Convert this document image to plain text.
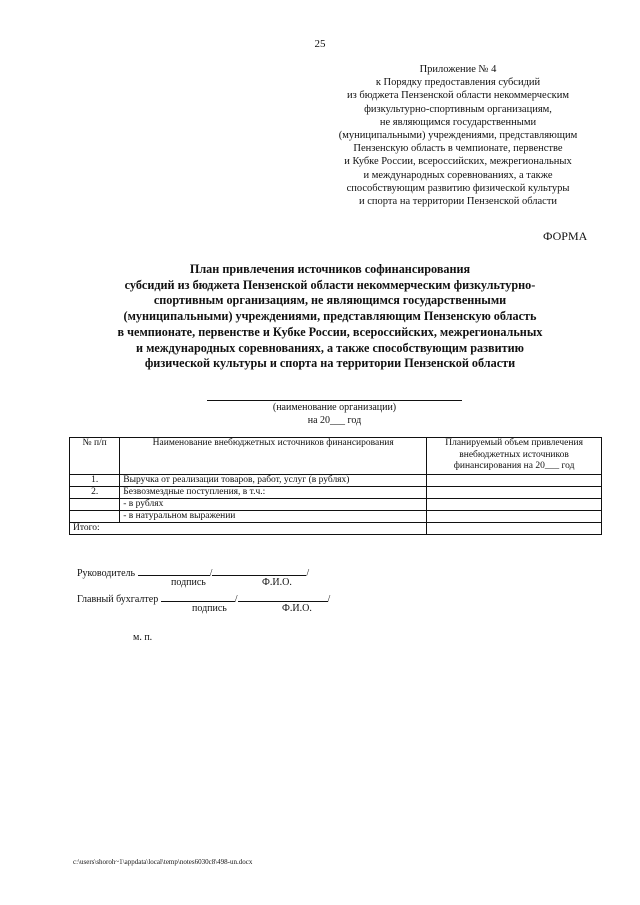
25
Приложение № 4
к Порядку предоставления субсидий
из бюджета Пензенской области некоммерческим
физкультурно-спортивным организациям,
не являющимся государственными
(муниципальными) учреждениями, представляющим
Пензенскую область в чемпионате, первенстве
и Кубке России, всероссийских, межрегиональных
и международных соревнованиях, а также
способствующим развитию физической культуры
и спорта на территории Пензенской области
ФОРМА
План привлечения источников софинансирования
субсидий из бюджета Пензенской области некоммерческим физкультурно-
спортивным организациям, не являющимся государственными
(муниципальными) учреждениями, представляющим Пензенскую область
в чемпионате, первенстве и Кубке России, всероссийских, межрегиональных
и международных соревнованиях, а также способствующим развитию
физической культуры и спорта на территории Пензенской области
(наименование организации)
на 20___ год
№ п/п	Наименование внебюджетных источников финансирования	Планируемый объем привлечения внебюджетных источников финансирования на 20___ год
1.	Выручка от реализации товаров, работ, услуг (в рублях)	
2.	Безвозмездные поступления, в т.ч.:	
	- в рублях	
	- в натуральном выражении	
Итого:		
Руководитель	/	/
подпись	Ф.И.О.
Главный бухгалтер	/	/
подпись	Ф.И.О.
м. п.
c:\users\shoroh~1\appdata\local\temp\notes6030c8\498-un.docx
